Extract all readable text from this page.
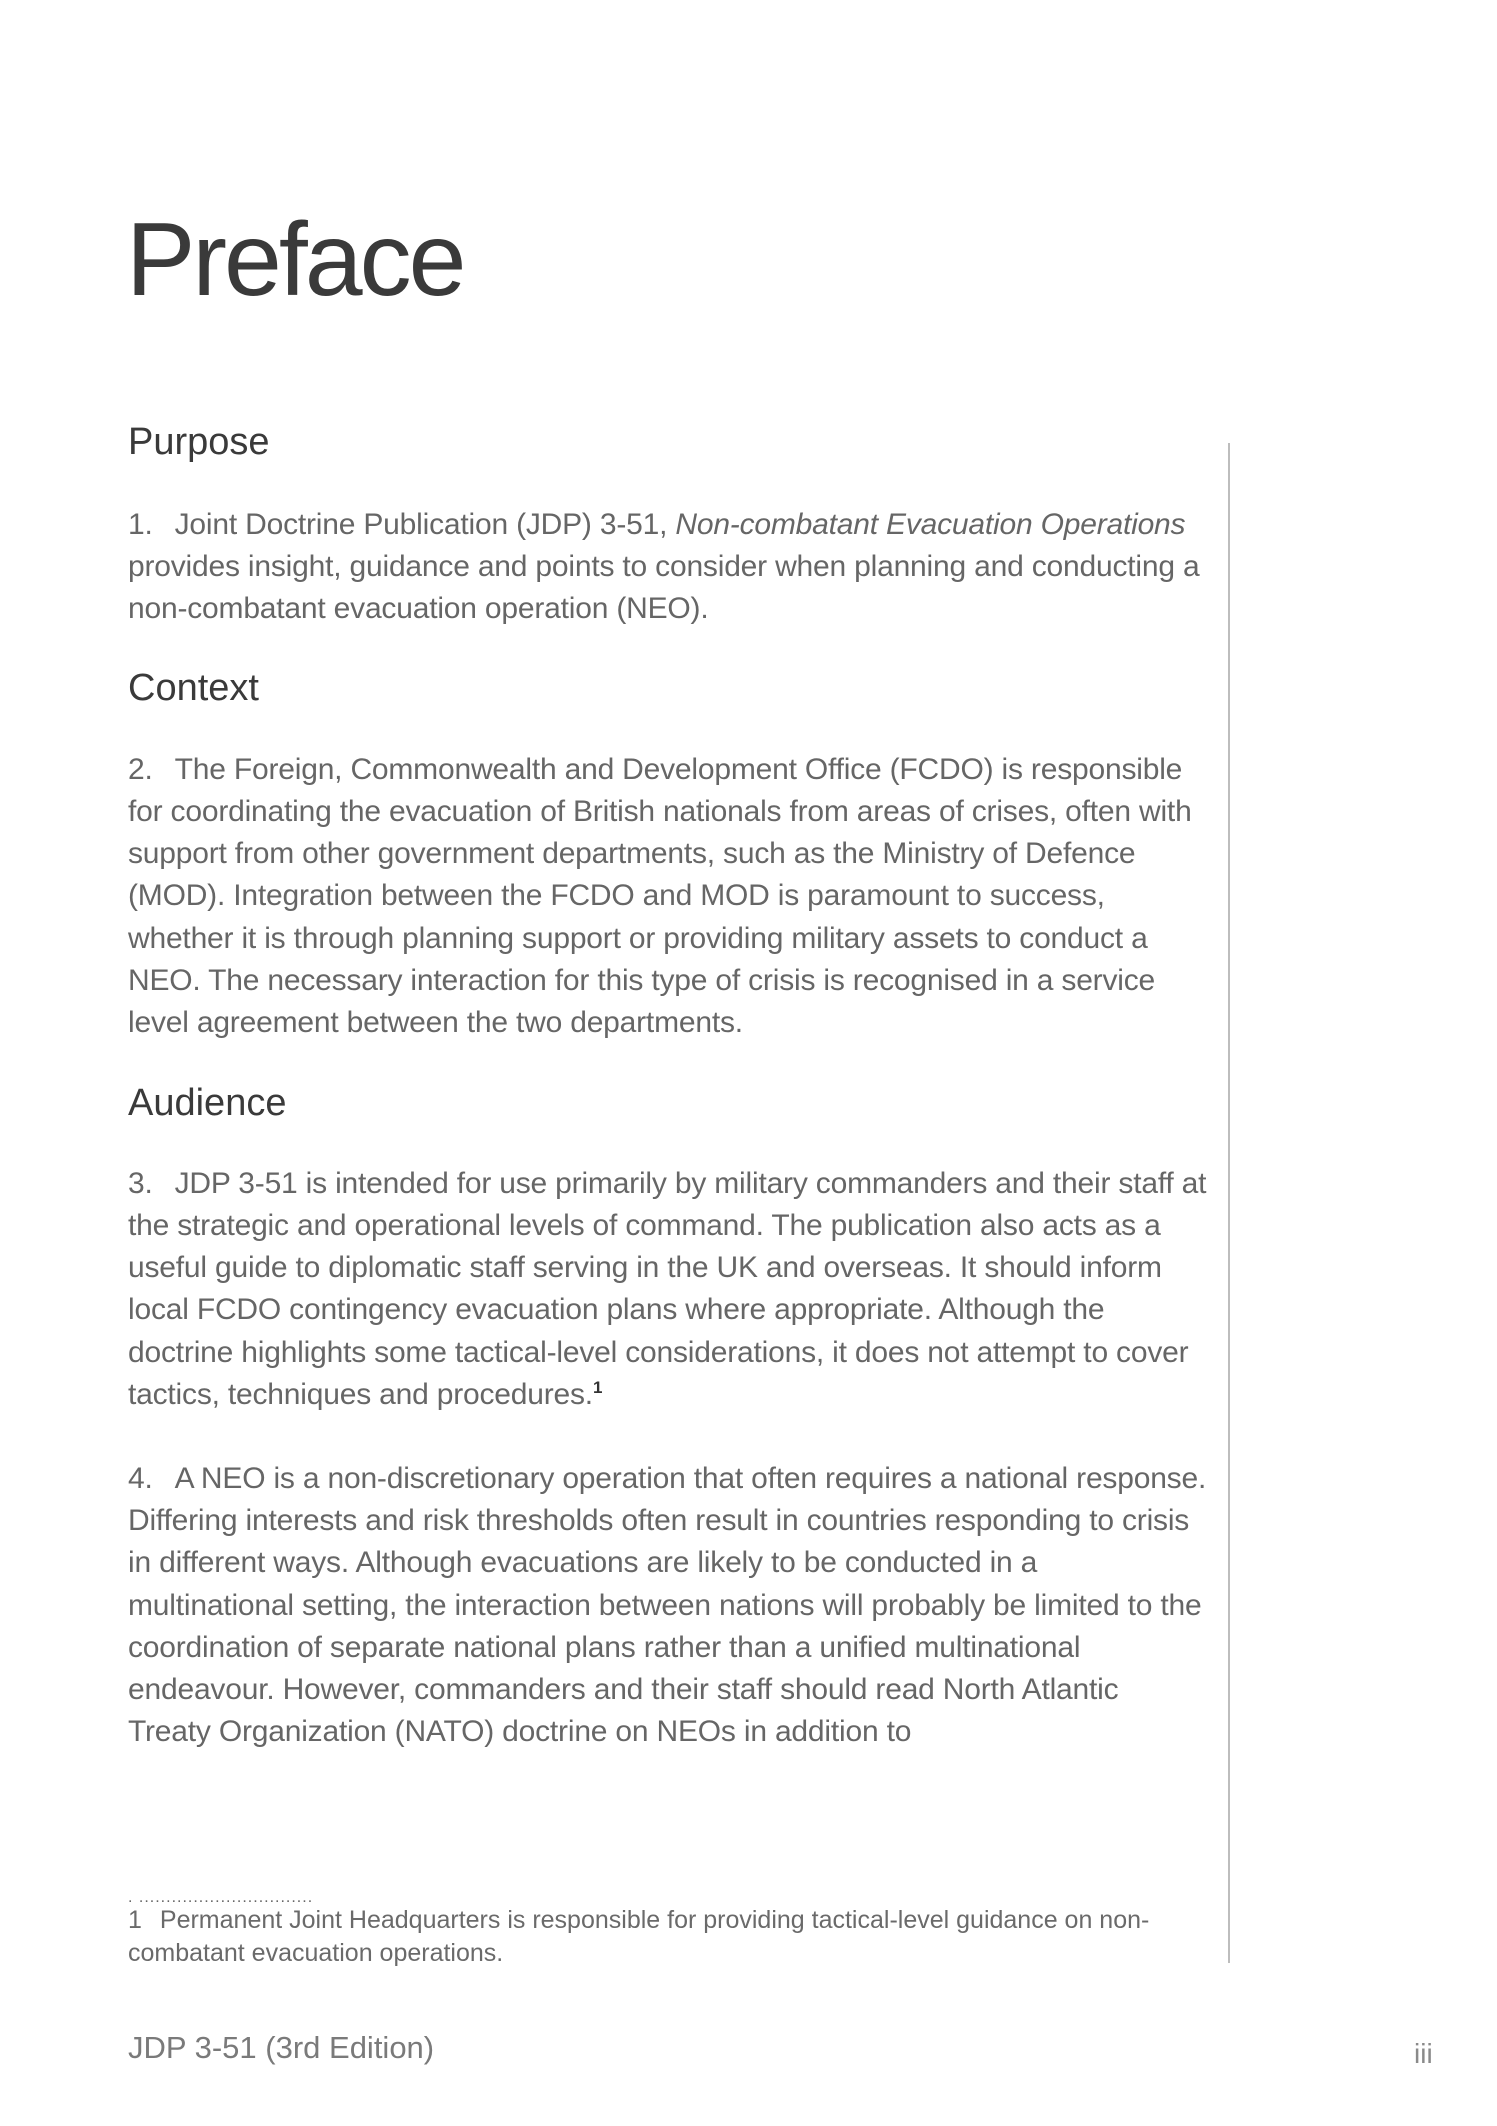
Preface
Purpose

1. Joint Doctrine Publication (JDP) 3-51, Non-combatant Evacuation Operations provides insight, guidance and points to consider when planning and conducting a non-combatant evacuation operation (NEO).

Context

2. The Foreign, Commonwealth and Development Office (FCDO) is responsible for coordinating the evacuation of British nationals from areas of crises, often with support from other government departments, such as the Ministry of Defence (MOD). Integration between the FCDO and MOD is paramount to success, whether it is through planning support or providing military assets to conduct a NEO. The necessary interaction for this type of crisis is recognised in a service level agreement between the two departments.

Audience

3. JDP 3-51 is intended for use primarily by military commanders and their staff at the strategic and operational levels of command. The publication also acts as a useful guide to diplomatic staff serving in the UK and overseas. It should inform local FCDO contingency evacuation plans where appropriate. Although the doctrine highlights some tactical-level considerations, it does not attempt to cover tactics, techniques and procedures.$^1$

4. A NEO is a non-discretionary operation that often requires a national response. Differing interests and risk thresholds often result in countries responding to crisis in different ways. Although evacuations are likely to be conducted in a multinational setting, the interaction between nations will probably be limited to the coordination of separate national plans rather than a unified multinational endeavour. However, commanders and their staff should read North Atlantic Treaty Organization (NATO) doctrine on NEOs in addition to

. ................................

1 Permanent Joint Headquarters is responsible for providing tactical-level guidance on non-combatant evacuation operations.

JDP 3-51 (3rd Edition)	iii
